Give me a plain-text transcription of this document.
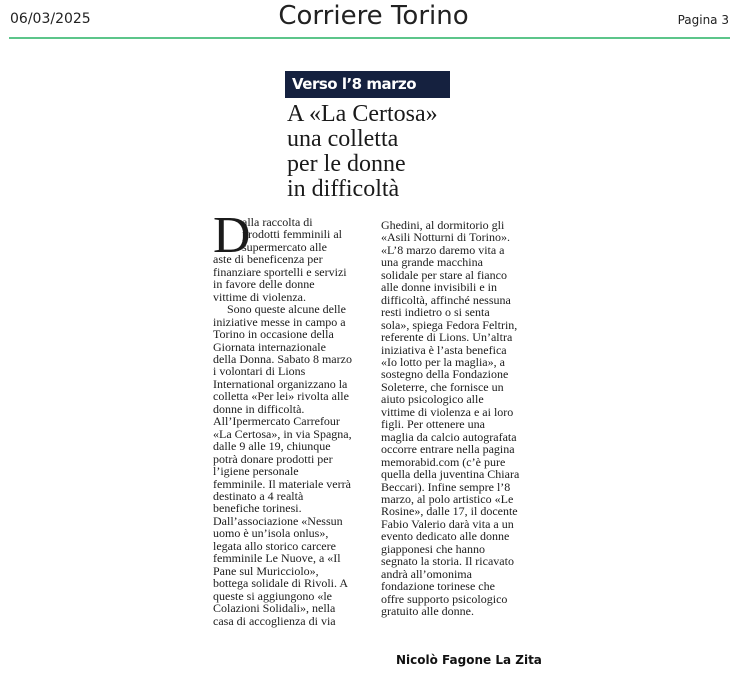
06/03/2025	Corriere Torino	Pagina 3
Verso l’8 marzo
A «La Certosa»
una colletta
per le donne
in difficoltà
D
alla raccolta di
prodotti femminili al
supermercato alle
aste di beneficenza per
finanziare sportelli e servizi
in favore delle donne
vittime di violenza.
Sono queste alcune delle
iniziative messe in campo a
Torino in occasione della
Giornata internazionale
della Donna. Sabato 8 marzo
i volontari di Lions
International organizzano la
colletta «Per lei» rivolta alle
donne in difficoltà.
All’Ipermercato Carrefour
«La Certosa», in via Spagna,
dalle 9 alle 19, chiunque
potrà donare prodotti per
l’igiene personale
femminile. Il materiale verrà
destinato a 4 realtà
benefiche torinesi.
Dall’associazione «Nessun
uomo è un’isola onlus»,
legata allo storico carcere
femminile Le Nuove, a «Il
Pane sul Muricciolo»,
bottega solidale di Rivoli. A
queste si aggiungono «le
Colazioni Solidali», nella
casa di accoglienza di via
Ghedini, al dormitorio gli
«Asili Notturni di Torino».
«L’8 marzo daremo vita a
una grande macchina
solidale per stare al fianco
alle donne invisibili e in
difficoltà, affinché nessuna
resti indietro o si senta
sola», spiega Fedora Feltrin,
referente di Lions. Un’altra
iniziativa è l’asta benefica
«Io lotto per la maglia», a
sostegno della Fondazione
Soleterre, che fornisce un
aiuto psicologico alle
vittime di violenza e ai loro
figli. Per ottenere una
maglia da calcio autografata
occorre entrare nella pagina
memorabid.com (c’è pure
quella della juventina Chiara
Beccari). Infine sempre l’8
marzo, al polo artistico «Le
Rosine», dalle 17, il docente
Fabio Valerio darà vita a un
evento dedicato alle donne
giapponesi che hanno
segnato la storia. Il ricavato
andrà all’omonima
fondazione torinese che
offre supporto psicologico
gratuito alle donne.
Nicolò Fagone La Zita
